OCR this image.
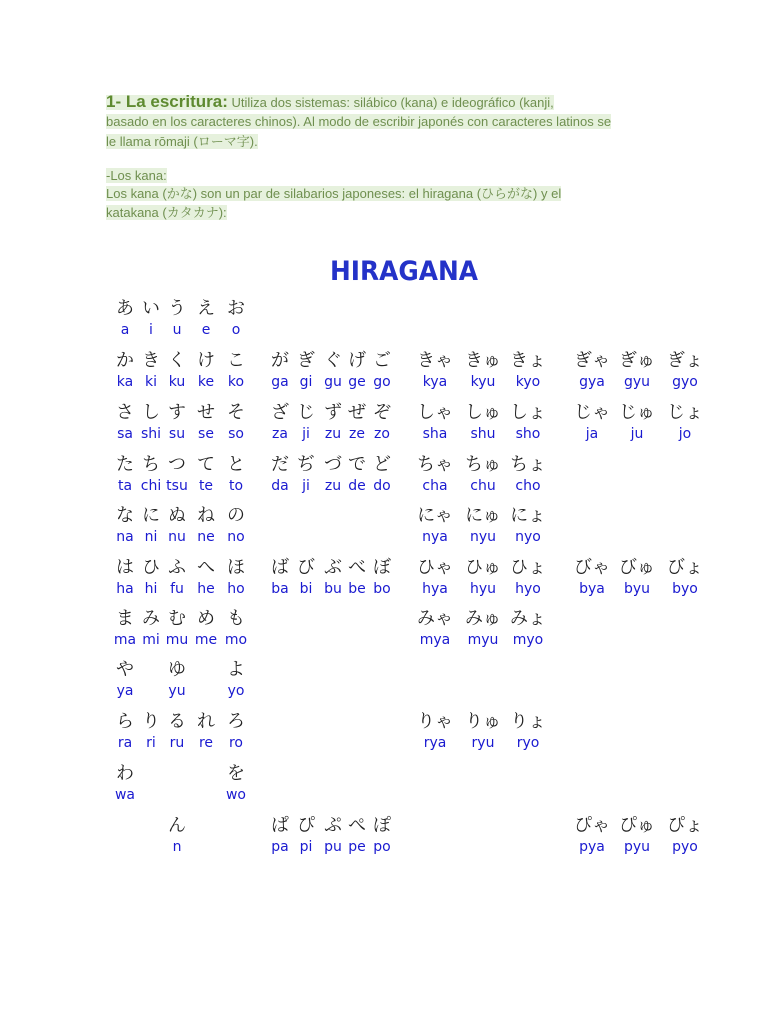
1- La escritura: Utiliza dos sistemas: silábico (kana) e ideográfico (kanji,
basado en los caracteres chinos). Al modo de escribir japonés con caracteres latinos se
le llama rōmaji (ローマ字).
-Los kana:
Los kana (かな) son un par de silabarios japoneses: el hiragana (ひらがな) y el
katakana (カタカナ):
HIRAGANA
あ
a
い
i
う
u
え
e
お
o
か
ka
き
ki
く
ku
け
ke
こ
ko
が
ga
ぎ
gi
ぐ
gu
げ
ge
ご
go
きゃ
kya
きゅ
kyu
きょ
kyo
ぎゃ
gya
ぎゅ
gyu
ぎょ
gyo
さ
sa
し
shi
す
su
せ
se
そ
so
ざ
za
じ
ji
ず
zu
ぜ
ze
ぞ
zo
しゃ
sha
しゅ
shu
しょ
sho
じゃ
ja
じゅ
ju
じょ
jo
た
ta
ち
chi
つ
tsu
て
te
と
to
だ
da
ぢ
ji
づ
zu
で
de
ど
do
ちゃ
cha
ちゅ
chu
ちょ
cho
な
na
に
ni
ぬ
nu
ね
ne
の
no
にゃ
nya
にゅ
nyu
にょ
nyo
は
ha
ひ
hi
ふ
fu
へ
he
ほ
ho
ば
ba
び
bi
ぶ
bu
べ
be
ぼ
bo
ひゃ
hya
ひゅ
hyu
ひょ
hyo
びゃ
bya
びゅ
byu
びょ
byo
ま
ma
み
mi
む
mu
め
me
も
mo
みゃ
mya
みゅ
myu
みょ
myo
や
ya
ゆ
yu
よ
yo
ら
ra
り
ri
る
ru
れ
re
ろ
ro
りゃ
rya
りゅ
ryu
りょ
ryo
わ
wa
を
wo
ん
n
ぱ
pa
ぴ
pi
ぷ
pu
ぺ
pe
ぽ
po
ぴゃ
pya
ぴゅ
pyu
ぴょ
pyo
